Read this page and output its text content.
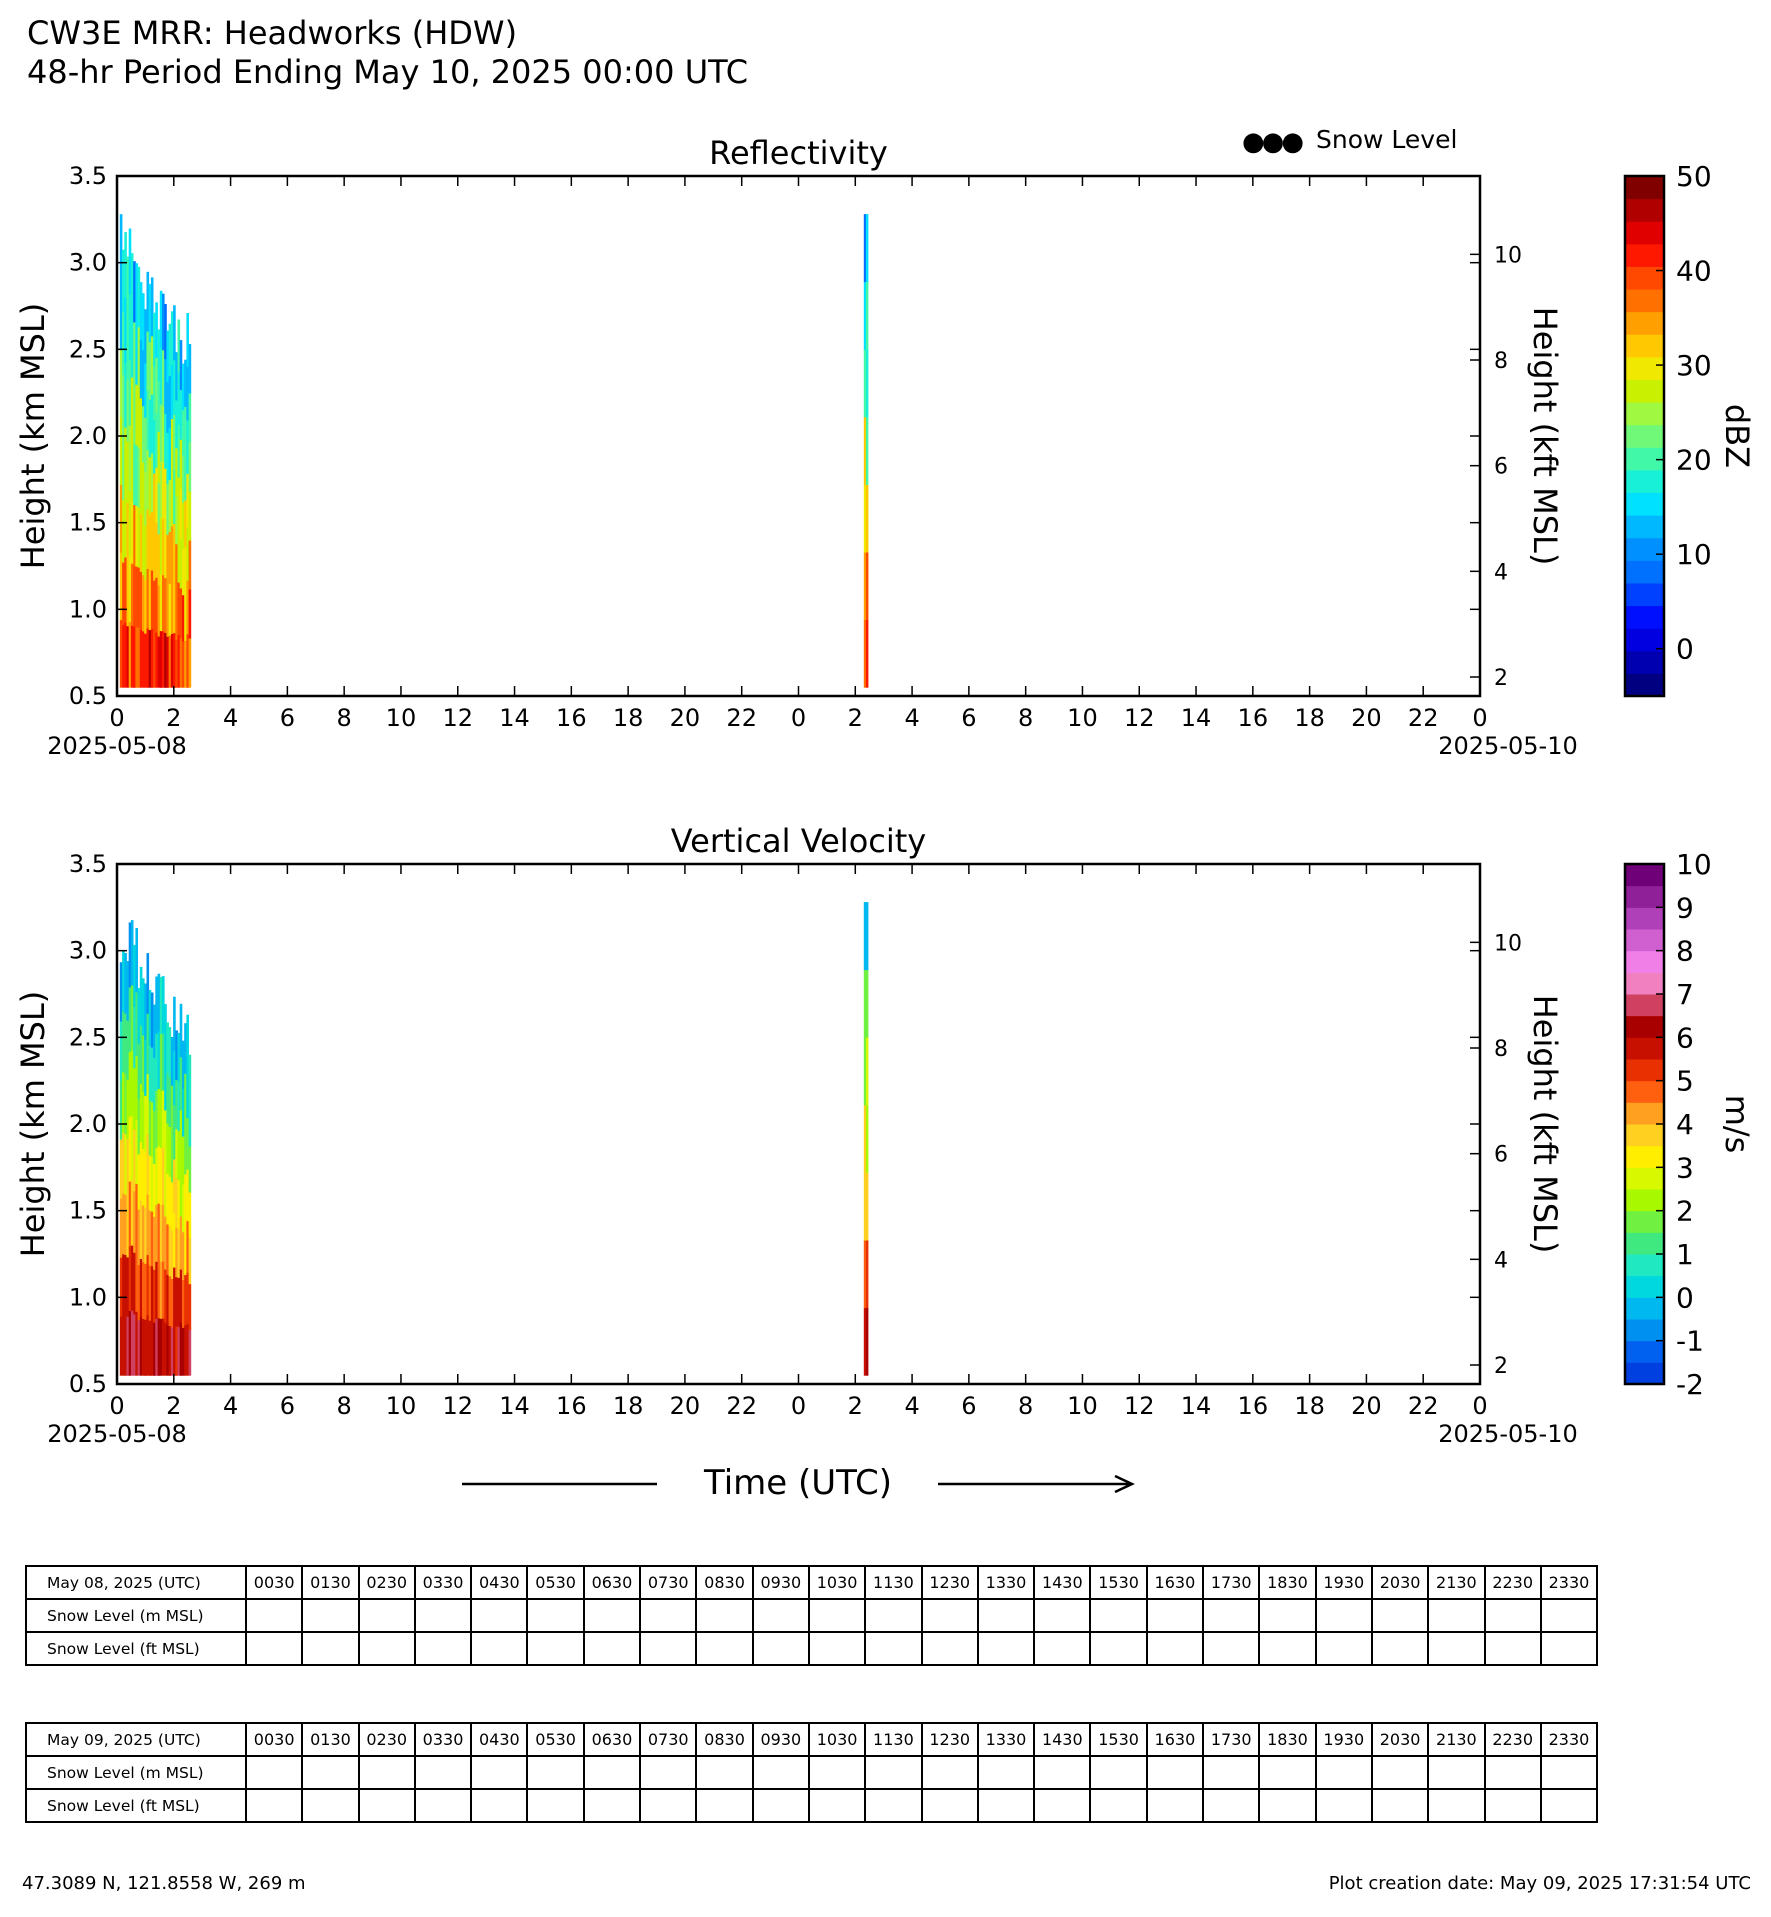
CW3E MRR: Headworks (HDW)
48-hr Period Ending May 10, 2025 00:00 UTC
Reflectivity
0.5
1.0
1.5
2.0
2.5
3.0
3.5
2
4
6
8
10
0 2 4 6 8 10 12 14 16 18 20 22 0 2 4 6 8 10 12 14 16 18 20 22 0
2025-05-08	2025-05-10
Height (km MSL)	Height (kft MSL)
50
40
30
20
10
0
dBZ
Vertical Velocity
0.5
1.0
1.5
2.0
2.5
3.0
3.5
2
4
6
8
10
0 2 4 6 8 10 12 14 16 18 20 22 0 2 4 6 8 10 12 14 16 18 20 22 0
2025-05-08	2025-05-10
Height (km MSL)	Height (kft MSL)
10
9
8
7
6
5
4
3
2
1
0
-1
-2
m/s
Time (UTC)
●●● Snow Level
May 08, 2025 (UTC)	0030	0130	0230	0330	0430	0530	0630	0730	0830	0930	1030	1130	1230	1330	1430	1530	1630	1730	1830	1930	2030	2130	2230	2330
Snow Level (m MSL)																								
Snow Level (ft MSL)																								
May 09, 2025 (UTC)	0030	0130	0230	0330	0430	0530	0630	0730	0830	0930	1030	1130	1230	1330	1430	1530	1630	1730	1830	1930	2030	2130	2230	2330
Snow Level (m MSL)																								
Snow Level (ft MSL)																								
47.3089 N, 121.8558 W, 269 m	Plot creation date: May 09, 2025 17:31:54 UTC
